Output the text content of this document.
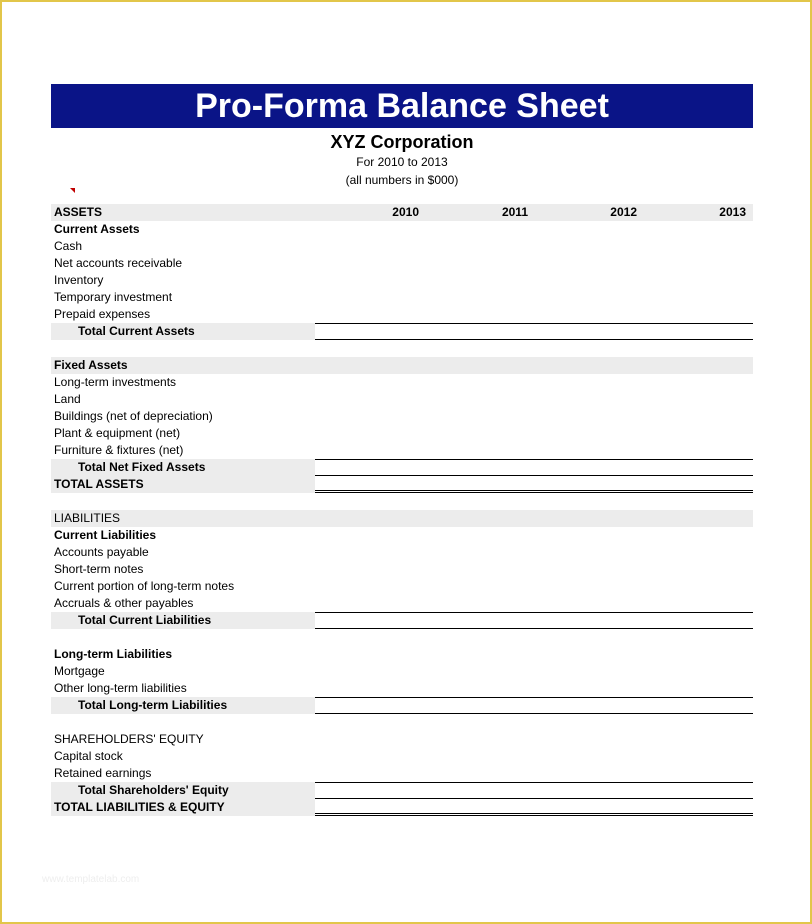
Pro-Forma Balance Sheet
XYZ Corporation
For 2010 to 2013
(all numbers in $000)
ASSETS	2010	2011	2012	2013
Current Assets
Cash
Net accounts receivable
Inventory
Temporary investment
Prepaid expenses
Total Current Assets
Fixed Assets
Long-term investments
Land
Buildings (net of depreciation)
Plant & equipment (net)
Furniture & fixtures (net)
Total Net Fixed Assets
TOTAL ASSETS
LIABILITIES
Current Liabilities
Accounts payable
Short-term notes
Current portion of long-term notes
Accruals & other payables
Total Current Liabilities
Long-term Liabilities
Mortgage
Other long-term liabilities
Total Long-term Liabilities
SHAREHOLDERS' EQUITY
Capital stock
Retained earnings
Total Shareholders' Equity
TOTAL LIABILITIES & EQUITY
www.templatelab.com
